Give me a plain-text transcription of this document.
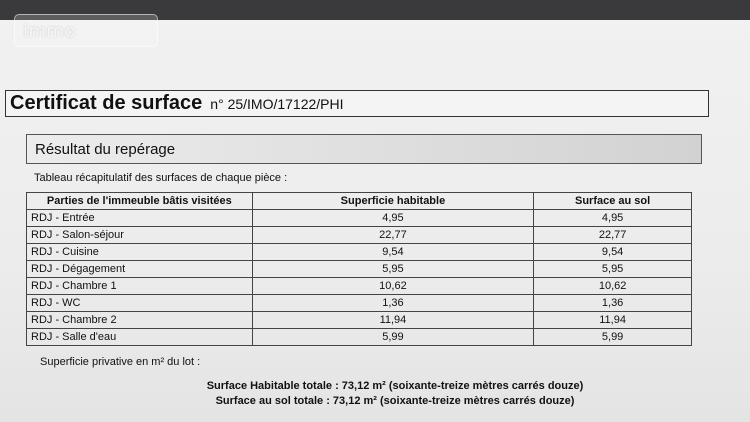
immo
Certificat de surface n° 25/IMO/17122/PHI
Résultat du repérage
Tableau récapitulatif des surfaces de chaque pièce :
Parties de l'immeuble bâtis visitées	Superficie habitable	Surface au sol
RDJ - Entrée	4,95	4,95
RDJ - Salon-séjour	22,77	22,77
RDJ - Cuisine	9,54	9,54
RDJ - Dégagement	5,95	5,95
RDJ - Chambre 1	10,62	10,62
RDJ - WC	1,36	1,36
RDJ - Chambre 2	11,94	11,94
RDJ - Salle d'eau	5,99	5,99
Superficie privative en m² du lot :
Surface Habitable totale : 73,12 m² (soixante-treize mètres carrés douze)
Surface au sol totale : 73,12 m² (soixante-treize mètres carrés douze)
